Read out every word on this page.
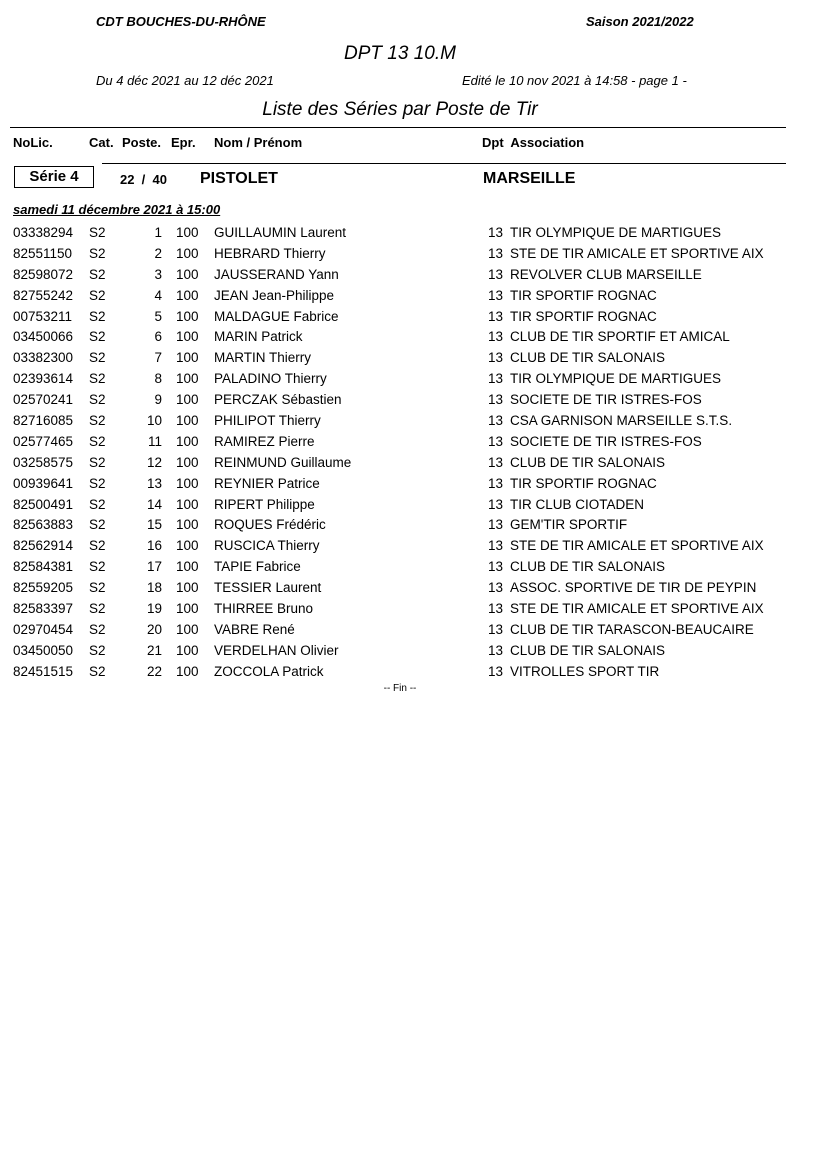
CDT BOUCHES-DU-RHÔNE	Saison 2021/2022
DPT 13 10.M
Du 4 déc 2021 au 12 déc 2021	Edité le 10 nov 2021 à 14:58 - page 1 -
Liste des Séries par Poste de Tir
NoLic.	Cat. Poste. Epr. Nom / Prénom	Dpt  Association
Série 4	22  /  40 PISTOLET	MARSEILLE
samedi 11 décembre 2021 à 15:00
03338294 S2	1 100 GUILLAUMIN Laurent	13 TIR OLYMPIQUE DE MARTIGUES
82551150 S2	2 100 HEBRARD Thierry	13 STE DE TIR AMICALE ET SPORTIVE AIX
82598072 S2	3 100 JAUSSERAND Yann	13 REVOLVER CLUB MARSEILLE
82755242 S2	4 100 JEAN Jean-Philippe	13 TIR SPORTIF ROGNAC
00753211 S2	5 100 MALDAGUE Fabrice	13 TIR SPORTIF ROGNAC
03450066 S2	6 100 MARIN Patrick	13 CLUB DE TIR SPORTIF ET AMICAL
03382300 S2	7 100 MARTIN Thierry	13 CLUB DE TIR SALONAIS
02393614 S2	8 100 PALADINO Thierry	13 TIR OLYMPIQUE DE MARTIGUES
02570241 S2	9 100 PERCZAK Sébastien	13 SOCIETE DE TIR ISTRES-FOS
82716085 S2	10 100 PHILIPOT Thierry	13 CSA GARNISON MARSEILLE S.T.S.
02577465 S2	11 100 RAMIREZ Pierre	13 SOCIETE DE TIR ISTRES-FOS
03258575 S2	12 100 REINMUND Guillaume	13 CLUB DE TIR SALONAIS
00939641 S2	13 100 REYNIER Patrice	13 TIR SPORTIF ROGNAC
82500491 S2	14 100 RIPERT Philippe	13 TIR CLUB CIOTADEN
82563883 S2	15 100 ROQUES Frédéric	13 GEM'TIR SPORTIF
82562914 S2	16 100 RUSCICA Thierry	13 STE DE TIR AMICALE ET SPORTIVE AIX
82584381 S2	17 100 TAPIE Fabrice	13 CLUB DE TIR SALONAIS
82559205 S2	18 100 TESSIER Laurent	13 ASSOC. SPORTIVE DE TIR DE PEYPIN
82583397 S2	19 100 THIRREE Bruno	13 STE DE TIR AMICALE ET SPORTIVE AIX
02970454 S2	20 100 VABRE René	13 CLUB DE TIR TARASCON-BEAUCAIRE
03450050 S2	21 100 VERDELHAN Olivier	13 CLUB DE TIR SALONAIS
82451515 S2	22 100 ZOCCOLA Patrick	13 VITROLLES SPORT TIR
-- Fin --
